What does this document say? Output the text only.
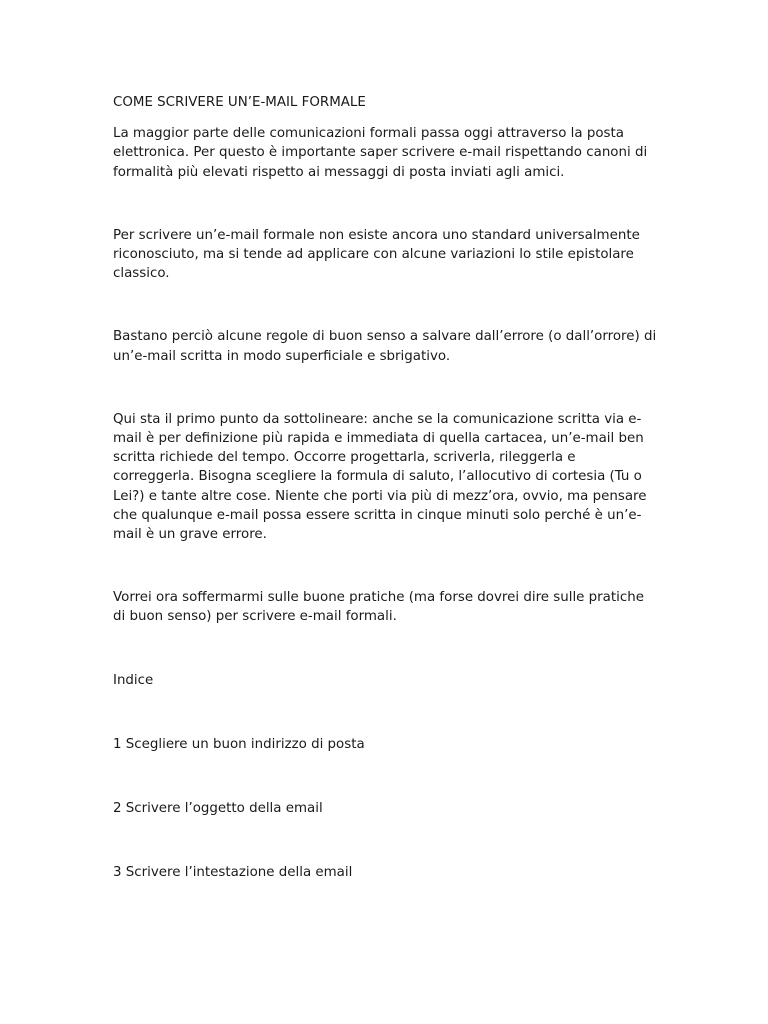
COME SCRIVERE UN’E-MAIL FORMALE

La maggior parte delle comunicazioni formali passa oggi attraverso la posta elettronica. Per questo è importante saper scrivere e-mail rispettando canoni di formalità più elevati rispetto ai messaggi di posta inviati agli amici.

Per scrivere un’e-mail formale non esiste ancora uno standard universalmente riconosciuto, ma si tende ad applicare con alcune variazioni lo stile epistolare classico.

Bastano perciò alcune regole di buon senso a salvare dall’errore (o dall’orrore) di un’e-mail scritta in modo superficiale e sbrigativo.

Qui sta il primo punto da sottolineare: anche se la comunicazione scritta via e-mail è per definizione più rapida e immediata di quella cartacea, un’e-mail ben scritta richiede del tempo. Occorre progettarla, scriverla, rileggerla e correggerla. Bisogna scegliere la formula di saluto, l’allocutivo di cortesia (Tu o Lei?) e tante altre cose. Niente che porti via più di mezz’ora, ovvio, ma pensare che qualunque e-mail possa essere scritta in cinque minuti solo perché è un’e-mail è un grave errore.

Vorrei ora soffermarmi sulle buone pratiche (ma forse dovrei dire sulle pratiche di buon senso) per scrivere e-mail formali.

Indice

1 Scegliere un buon indirizzo di posta

2 Scrivere l’oggetto della email

3 Scrivere l’intestazione della email
